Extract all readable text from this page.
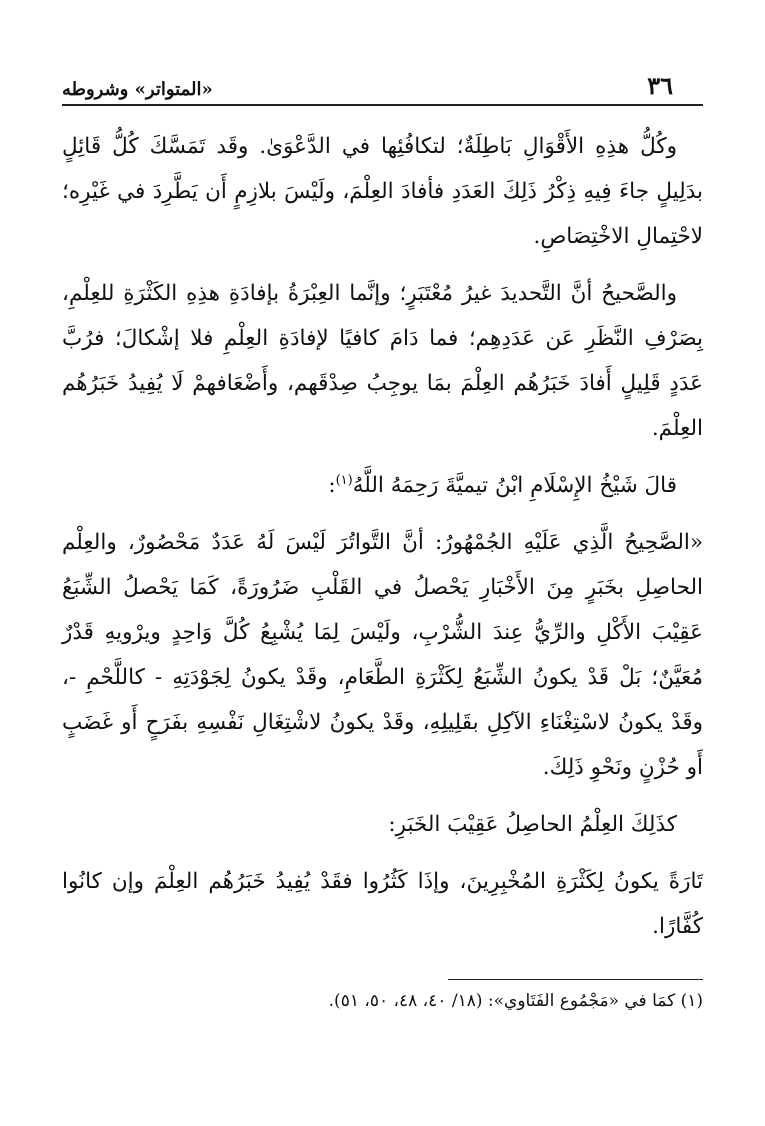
٣٦
«المتواتر» وشروطه

وكُلُّ هذِهِ الأَقْوَالِ بَاطِلَةٌ؛ لتكافُئِها في الدَّعْوَىٰ. وقَد تَمَسَّكَ كُلُّ قَائِلٍ بدَلِيلٍ جاءَ فِيهِ ذِكْرُ ذَلِكَ العَدَدِ فأفادَ العِلْمَ، ولَيْسَ بلازِمٍ أَن يَطَّرِدَ في غَيْرِه؛ لاحْتِمالِ الاخْتِصَاصِ.

والصَّحيحُ أنَّ التَّحديدَ غيرُ مُعْتَبَرٍ؛ وإنَّما العِبْرَةُ بإفادَةِ هذِهِ الكَثْرَةِ للعِلْمِ، بِصَرْفِ النَّظَرِ عَن عَدَدِهِم؛ فما دَامَ كافيًا لإفادَةِ العِلْمِ فلا إشْكالَ؛ فرُبَّ عَدَدٍ قَلِيلٍ أَفادَ خَبَرُهُم العِلْمَ بمَا يوجِبُ صِدْقَهم، وأَضْعَافهمْ لَا يُفِيدُ خَبَرُهُم العِلْمَ.

قالَ شَيْخُ الإِسْلَامِ ابْنُ تيميَّةَ رَحِمَهُ اللَّهُ$^{(١)}$:

«الصَّحِيحُ الَّذِي عَلَيْهِ الجُمْهُورُ: أنَّ التَّواتُرَ لَيْسَ لَهُ عَدَدٌ مَحْصُورٌ، والعِلْم الحاصِلِ بخَبَرٍ مِنَ الأَخْبَارِ يَحْصلُ في القَلْبِ ضَرُورَةً، كَمَا يَحْصلُ الشِّبَعُ عَقِيْبَ الأَكْلِ والرِّيُّ عِندَ الشُّرْبِ، ولَيْسَ لِمَا يُشْبِعُ كُلَّ وَاحِدٍ ويرْويهِ قَدْرٌ مُعَيَّنٌ؛ بَلْ قَدْ يكونُ الشِّبَعُ لِكَثْرَةِ الطَّعَامِ، وقَدْ يكونُ لِجَوْدَتِهِ - كاللَّحْمِ -، وقَدْ يكونُ لاسْتِغْنَاءِ الآكِلِ بقَلِيلِهِ، وقَدْ يكونُ لاشْتِغَالِ نَفْسِهِ بفَرَحٍ أَو غَضَبٍ أَو حُزْنٍ ونَحْوِ ذَلِكَ.

كذَلِكَ العِلْمُ الحاصِلُ عَقِيْبَ الخَبَرِ:

تَارَةً يكونُ لِكَثْرَةِ المُخْبِرِينَ، وإذَا كَثُرُوا فقَدْ يُفِيدُ خَبَرُهُم العِلْمَ وإن كانُوا كُفَّارًا.

(١) كمَا في «مَجْمُوع الفَتَاوي»: (١٨/ ٤٠، ٤٨، ٥٠، ٥١).
